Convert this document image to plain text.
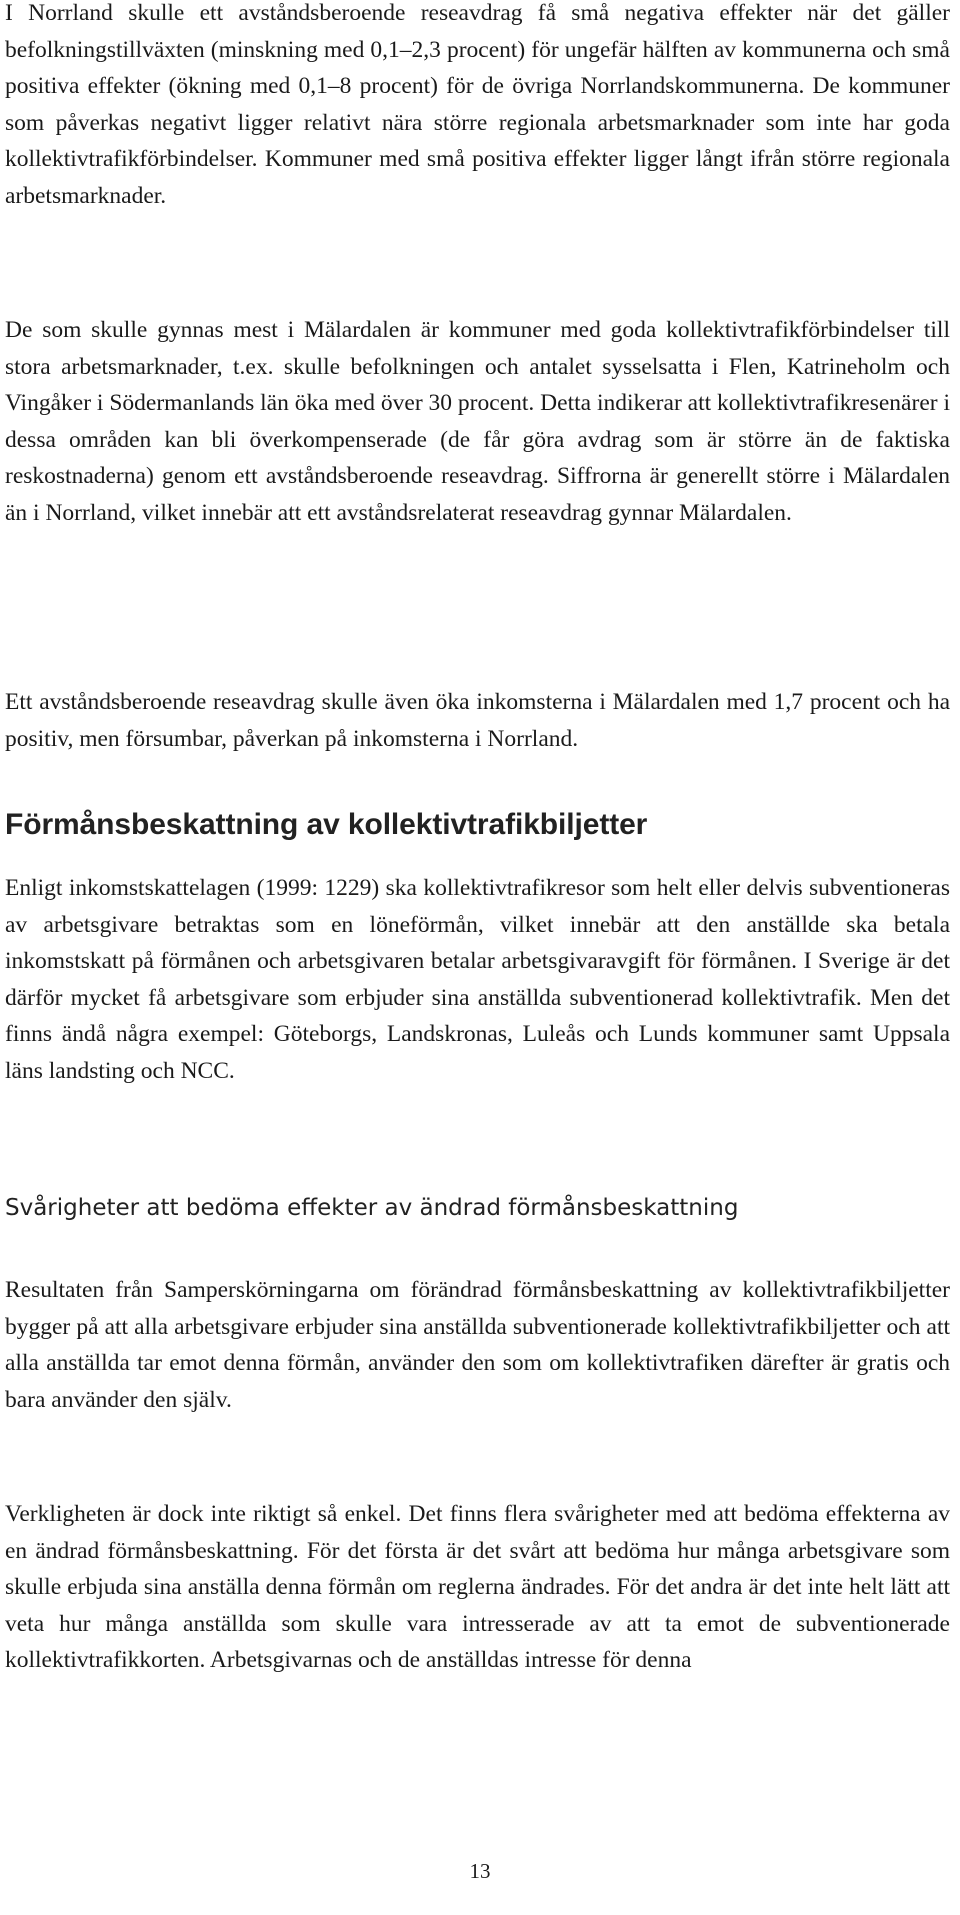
I Norrland skulle ett avståndsberoende reseavdrag få små negativa effekter när det gäller befolkningstillväxten (minskning med 0,1–2,3 procent) för ungefär hälften av kommunerna och små positiva effekter (ökning med 0,1–8 procent) för de övriga Norrlandskommunerna. De kommuner som påverkas negativt ligger relativt nära större regionala arbetsmarknader som inte har goda kollektivtrafikförbindelser. Kommuner med små positiva effekter ligger långt ifrån större regionala arbetsmarknader.

De som skulle gynnas mest i Mälardalen är kommuner med goda kollektivtrafikförbindelser till stora arbetsmarknader, t.ex. skulle befolkningen och antalet sysselsatta i Flen, Katrineholm och Vingåker i Södermanlands län öka med över 30 procent. Detta indikerar att kollektivtrafikresenärer i dessa områden kan bli överkompenserade (de får göra avdrag som är större än de faktiska reskostnaderna) genom ett avståndsberoende reseavdrag. Siffrorna är generellt större i Mälardalen än i Norrland, vilket innebär att ett avståndsrelaterat reseavdrag gynnar Mälardalen.

Ett avståndsberoende reseavdrag skulle även öka inkomsterna i Mälardalen med 1,7 procent och ha positiv, men försumbar, påverkan på inkomsterna i Norrland.

Förmånsbeskattning av kollektivtrafikbiljetter

Enligt inkomstskattelagen (1999: 1229) ska kollektivtrafikresor som helt eller delvis subventioneras av arbetsgivare betraktas som en löneförmån, vilket innebär att den anställde ska betala inkomstskatt på förmånen och arbetsgivaren betalar arbetsgivaravgift för förmånen. I Sverige är det därför mycket få arbetsgivare som erbjuder sina anställda subventionerad kollektivtrafik. Men det finns ändå några exempel: Göteborgs, Landskronas, Luleås och Lunds kommuner samt Uppsala läns landsting och NCC.

Svårigheter att bedöma effekter av ändrad förmånsbeskattning

Resultaten från Samperskörningarna om förändrad förmånsbeskattning av kollektivtrafikbiljetter bygger på att alla arbetsgivare erbjuder sina anställda subventionerade kollektivtrafikbiljetter och att alla anställda tar emot denna förmån, använder den som om kollektivtrafiken därefter är gratis och bara använder den själv.

Verkligheten är dock inte riktigt så enkel. Det finns flera svårigheter med att bedöma effekterna av en ändrad förmånsbeskattning. För det första är det svårt att bedöma hur många arbetsgivare som skulle erbjuda sina anställa denna förmån om reglerna ändrades. För det andra är det inte helt lätt att veta hur många anställda som skulle vara intresserade av att ta emot de subventionerade kollektivtrafikkorten. Arbetsgivarnas och de anställdas intresse för denna

13
